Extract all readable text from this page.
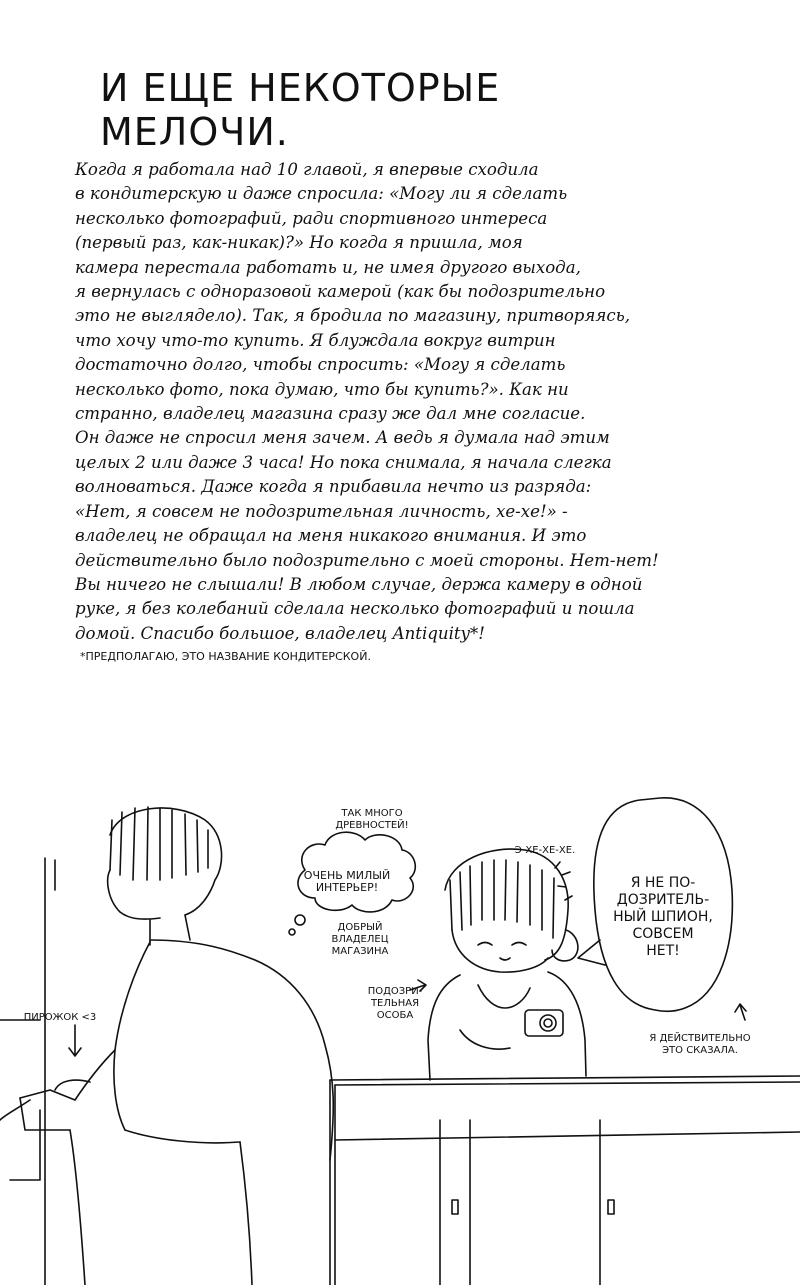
И ЕЩЕ НЕКОТОРЫЕ МЕЛОЧИ.
Когда я работала над 10 главой, я впервые сходила
в кондитерскую и даже спросила: «Могу ли я сделать
несколько фотографий, ради спортивного интереса
(первый раз, как-никак)?» Но когда я пришла, моя
камера перестала работать и, не имея другого выхода,
я вернулась с одноразовой камерой (как бы подозрительно
это не выглядело). Так, я бродила по магазину, притворяясь,
что хочу что-то купить. Я блуждала вокруг витрин
достаточно долго, чтобы спросить: «Могу я сделать
несколько фото, пока думаю, что бы купить?». Как ни
странно, владелец магазина сразу же дал мне согласие.
Он даже не спросил меня зачем. А ведь я думала над этим
целых 2 или даже 3 часа! Но пока снимала, я начала слегка
волноваться. Даже когда я прибавила нечто из разряда:
«Нет, я совсем не подозрительная личность, хе-хе!» -
владелец не обращал на меня никакого внимания. И это
действительно было подозрительно с моей стороны. Нет-нет!
Вы ничего не слышали! В любом случае, держа камеру в одной
руке, я без колебаний сделала несколько фотографий и пошла
домой. Спасибо большое, владелец Antiquity*!
*ПРЕДПОЛАГАЮ, ЭТО НАЗВАНИЕ КОНДИТЕРСКОЙ.
ТАК МНОГО
ДРЕВНОСТЕЙ!
ОЧЕНЬ МИЛЫЙ
ИНТЕРЬЕР!
Э-ХЕ-ХЕ-ХЕ.
ДОБРЫЙ
ВЛАДЕЛЕЦ
МАГАЗИНА
ПОДОЗРИ-
ТЕЛЬНАЯ
ОСОБА
ПИРОЖОК <3
Я НЕ ПО-
ДОЗРИТЕЛЬ-
НЫЙ ШПИОН,
СОВСЕМ
НЕТ!
Я ДЕЙСТВИТЕЛЬНО
ЭТО СКАЗАЛА.
